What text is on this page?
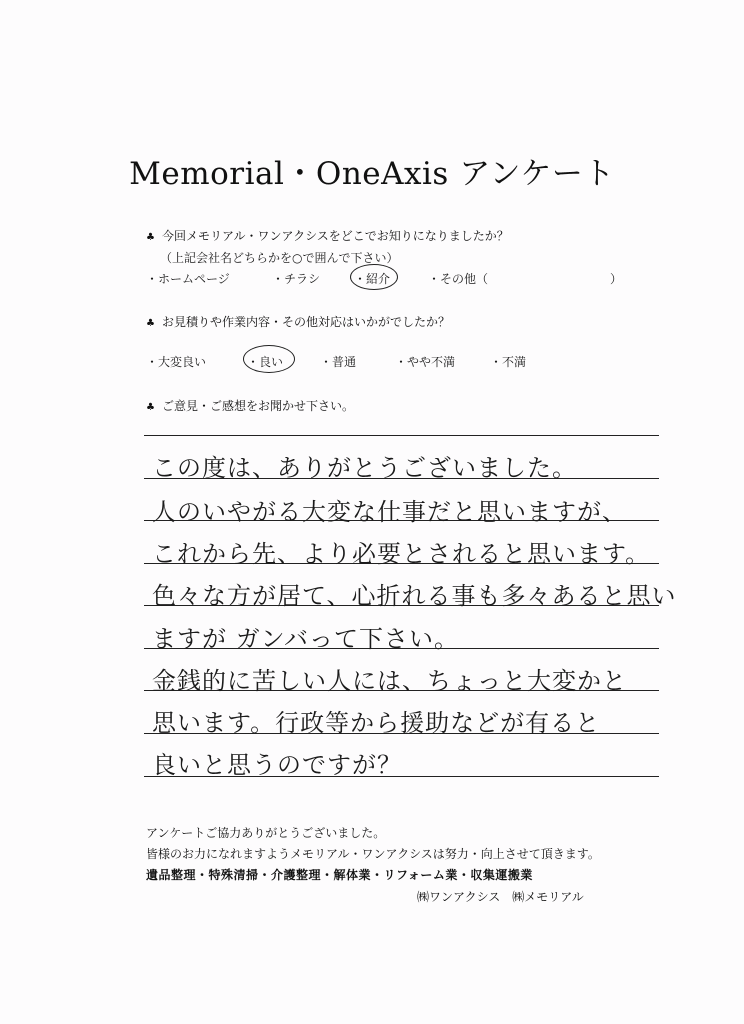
Memorial・OneAxis アンケート
♣ 今回メモリアル・ワンアクシスをどこでお知りになりましたか？
（上記会社名どちらかを○で囲んで下さい）
・ホームページ	・チラシ	・紹介	・その他（	）
♣ お見積りや作業内容・その他対応はいかがでしたか？
・大変良い	・良い	・普通	・やや不満	・不満
♣ ご意見・ご感想をお聞かせ下さい。
この度は、ありがとうございました。
人のいやがる大変な仕事だと思いますが、
これから先、より必要とされると思います。
色々な方が居て、心折れる事も多々あると思い
ますが ガンバって下さい。
金銭的に苦しい人には、ちょっと大変かと
思います。行政等から援助などが有ると
良いと思うのですが？
アンケートご協力ありがとうございました。
皆様のお力になれますようメモリアル・ワンアクシスは努力・向上させて頂きます。
遺品整理・特殊清掃・介護整理・解体業・リフォーム業・収集運搬業
㈱ワンアクシス　㈱メモリアル
